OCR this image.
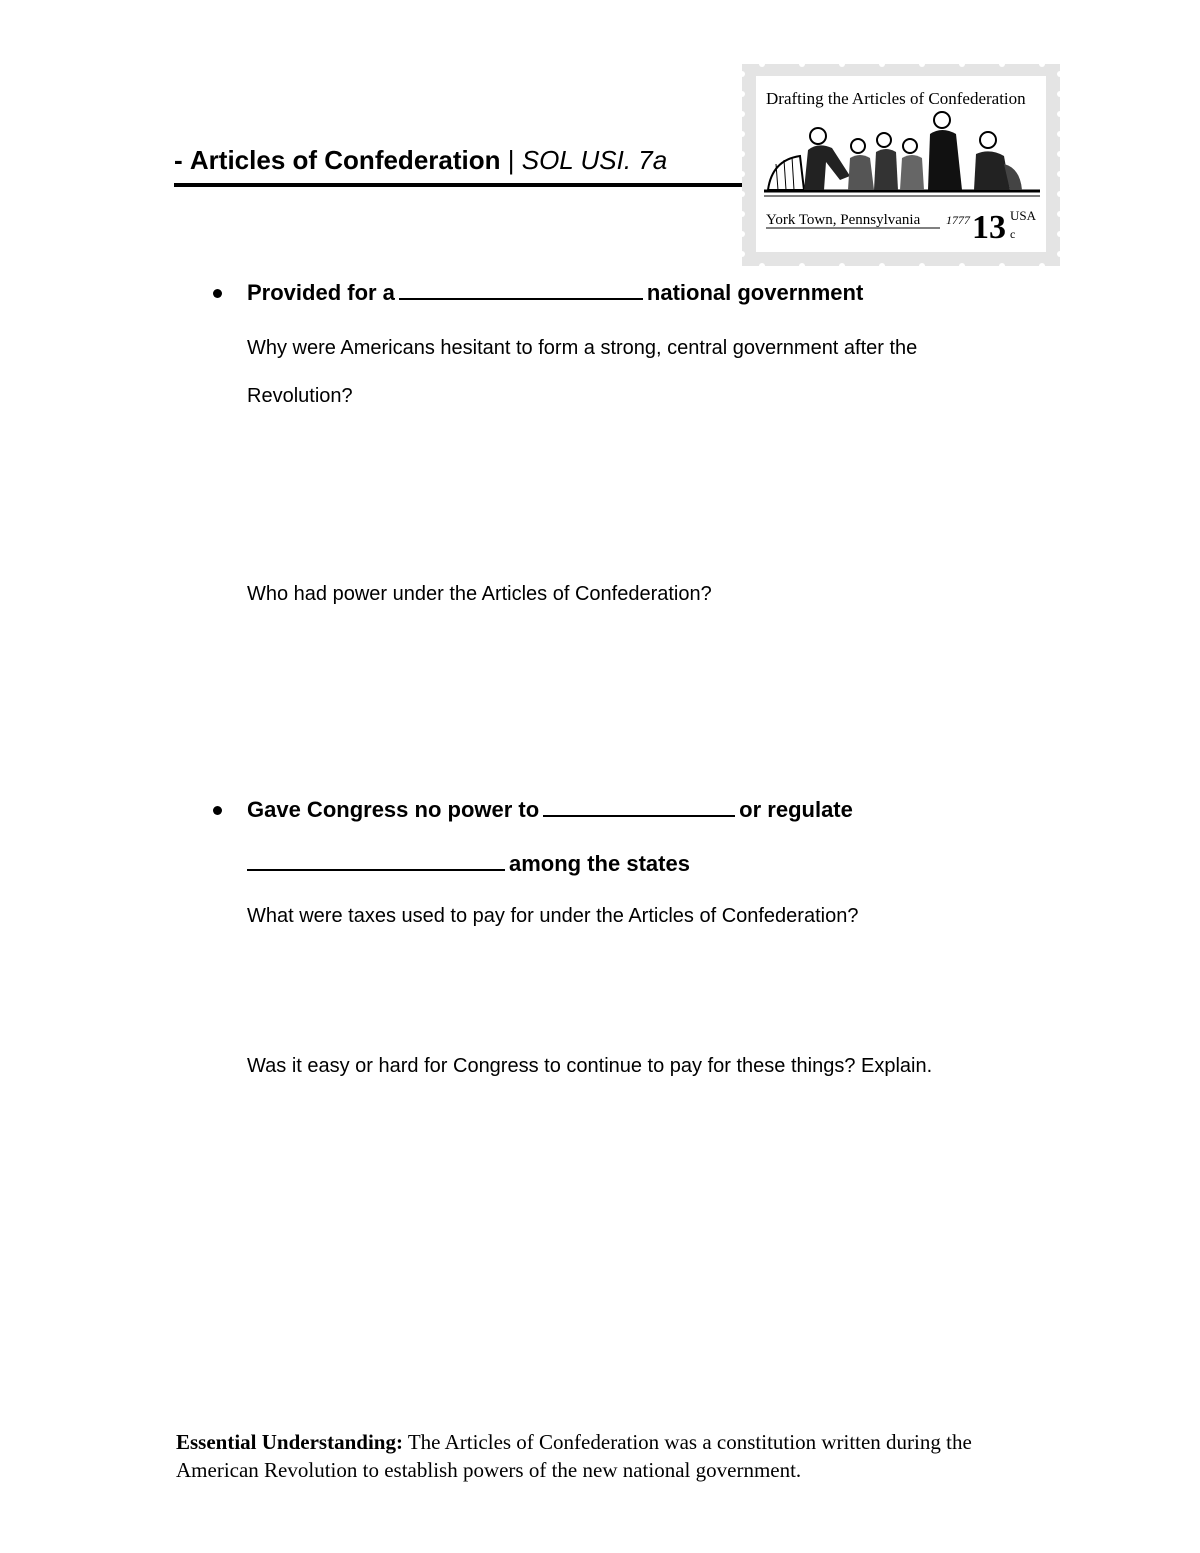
- Articles of Confederation | SOL USI. 7a
Drafting the Articles of Confederation
York Town, Pennsylvania 1777 13 c
USA
Provided for a	national government
Why were Americans hesitant to form a strong, central government after the
Revolution?
Who had power under the Articles of Confederation?
Gave Congress no power to	or regulate
among the states
What were taxes used to pay for under the Articles of Confederation?
Was it easy or hard for Congress to continue to pay for these things? Explain.
Essential Understanding: The Articles of Confederation was a constitution written during the American Revolution to establish powers of the new national government.
